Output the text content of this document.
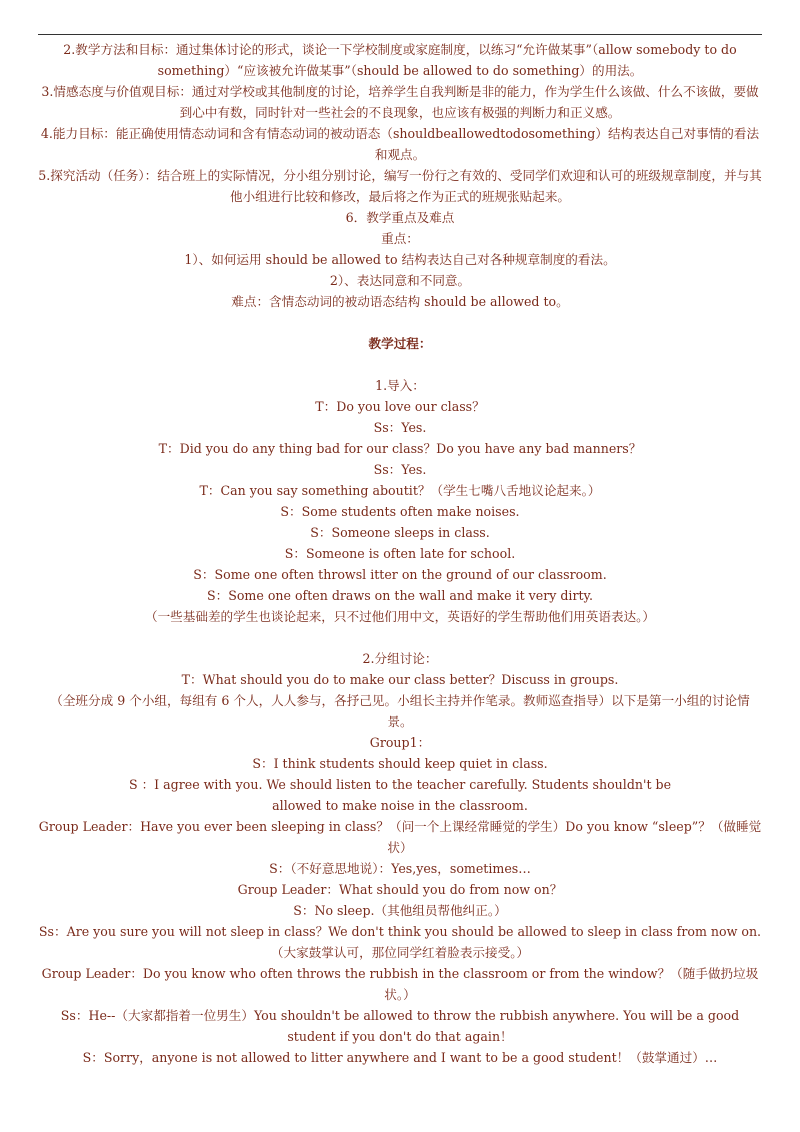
2.教学方法和目标：通过集体讨论的形式，谈论一下学校制度或家庭制度，以练习“允许做某事”（allow somebody to do something）“应该被允许做某事”（should be allowed to do something）的用法。

3.情感态度与价值观目标：通过对学校或其他制度的讨论，培养学生自我判断是非的能力，作为学生什么该做、什么不该做，要做到心中有数，同时针对一些社会的不良现象，也应该有极强的判断力和正义感。

4.能力目标：能正确使用情态动词和含有情态动词的被动语态（shouldbeallowedtodosomething）结构表达自己对事情的看法和观点。

5.探究活动（任务）：结合班上的实际情况，分小组分别讨论，编写一份行之有效的、受同学们欢迎和认可的班级规章制度，并与其他小组进行比较和修改，最后将之作为正式的班规张贴起来。

6．教学重点及难点

重点：

1）、如何运用 should be allowed to 结构表达自己对各种规章制度的看法。

2）、表达同意和不同意。

难点：含情态动词的被动语态结构 should be allowed to。

教学过程：

1.导入：

T：Do you love our class？

Ss：Yes.

T：Did you do any thing bad for our class？Do you have any bad manners？

Ss：Yes.

T：Can you say something aboutit？（学生七嘴八舌地议论起来。）

S：Some students often make noises.

S：Someone sleeps in class.

S：Someone is often late for school.

S：Some one often throwsl itter on the ground of our classroom.

S：Some one often draws on the wall and make it very dirty.

（一些基础差的学生也谈论起来，只不过他们用中文，英语好的学生帮助他们用英语表达。）

2.分组讨论：

T：What should you do to make our class better？Discuss in groups.

（全班分成 9 个小组，每组有 6 个人，人人参与，各抒己见。小组长主持并作笔录。教师巡查指导）以下是第一小组的讨论情景。

Group1：

S：I think students should keep quiet in class.

S ：I agree with you. We should listen to the teacher carefully. Students shouldn't be

allowed to make noise in the classroom.

Group Leader：Have you ever been sleeping in class？（问一个上课经常睡觉的学生）Do you know “sleep”？（做睡觉状）

S：（不好意思地说）：Yes,yes，sometimes…

Group Leader：What should you do from now on？

S：No sleep.（其他组员帮他纠正。）

Ss：Are you sure you will not sleep in class？We don't think you should be allowed to sleep in class from now on.（大家鼓掌认可，那位同学红着脸表示接受。）

Group Leader：Do you know who often throws the rubbish in the classroom or from the window？（随手做扔垃圾状。）

Ss：He--（大家都指着一位男生）You shouldn't be allowed to throw the rubbish anywhere. You will be a good student if you don't do that again！

S：Sorry，anyone is not allowed to litter anywhere and I want to be a good student！（鼓掌通过）…
